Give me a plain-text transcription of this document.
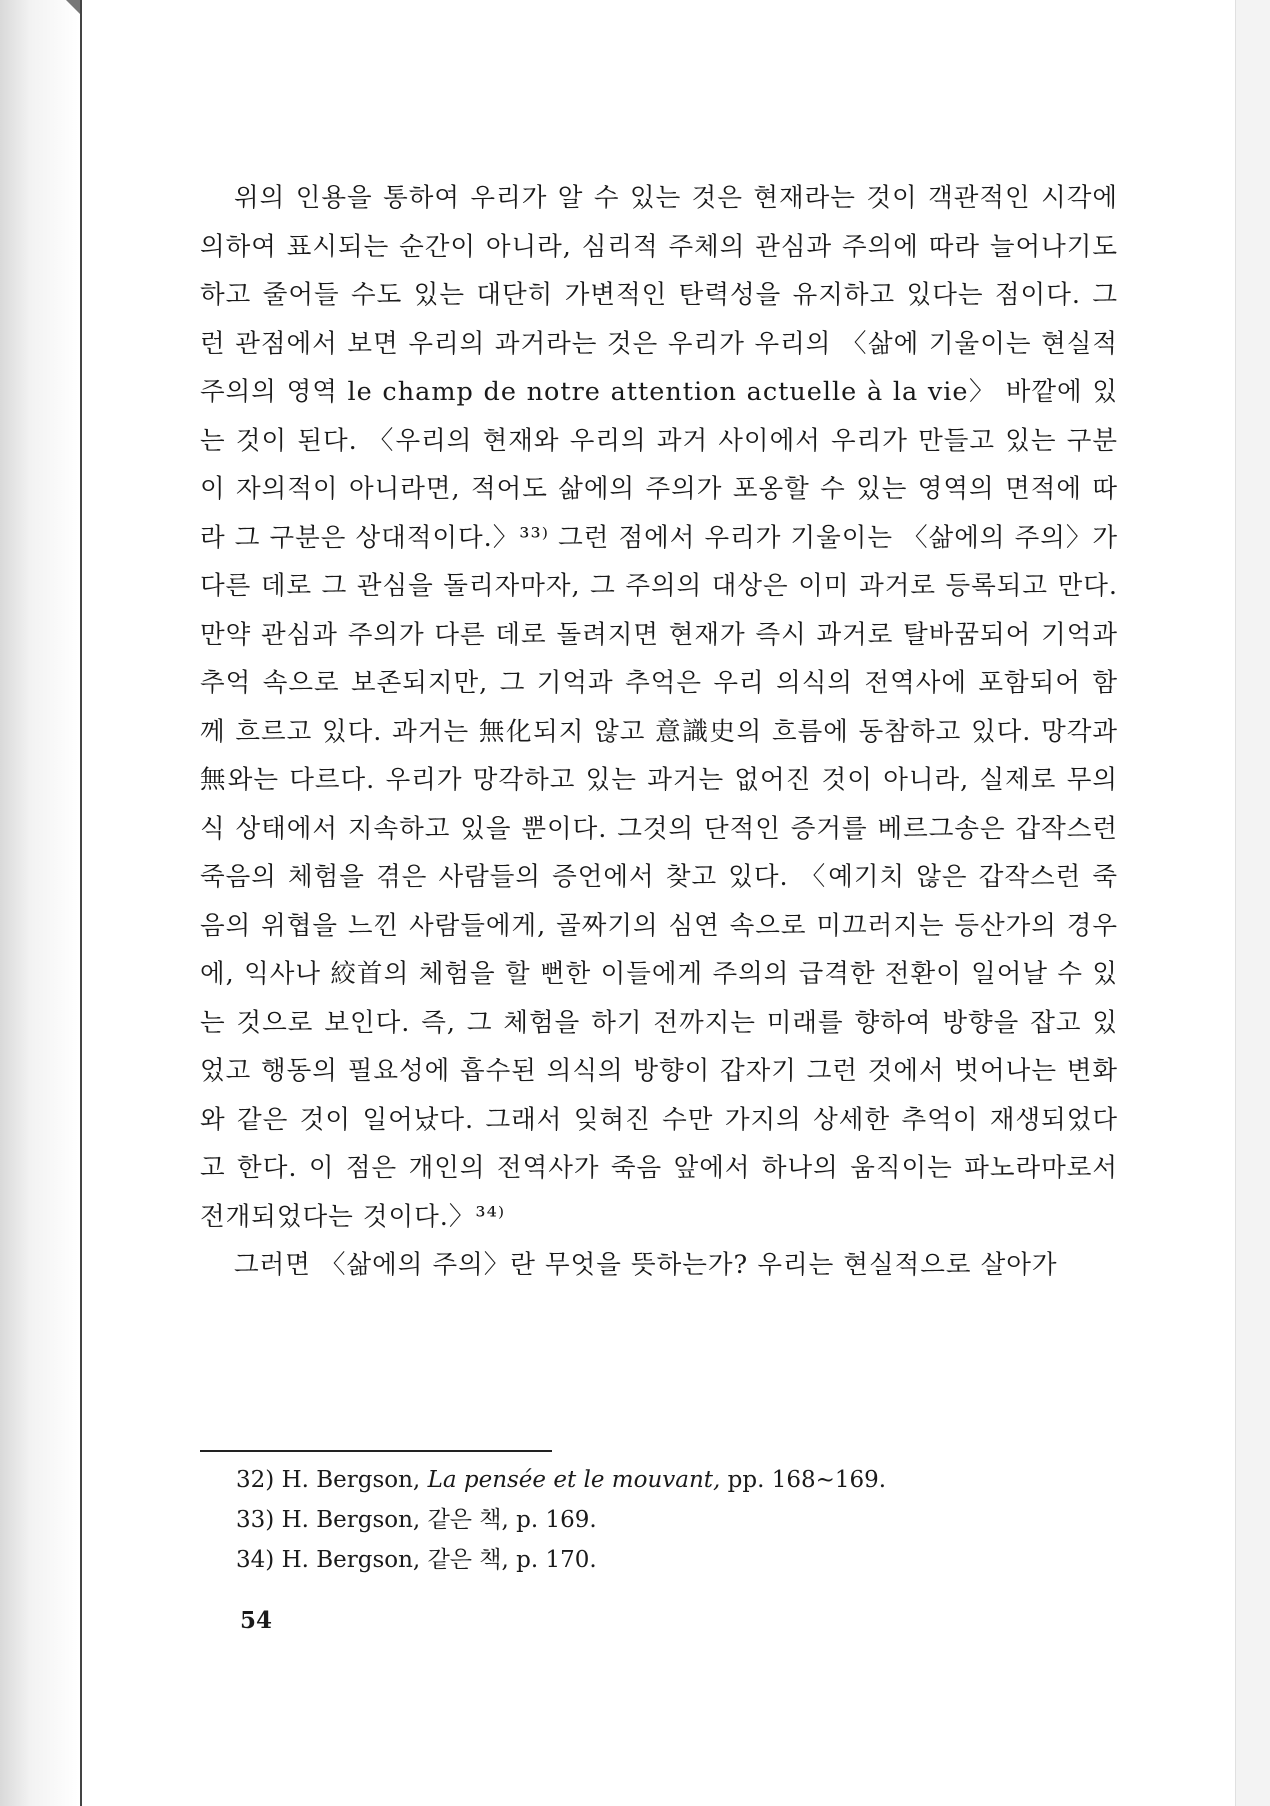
위의 인용을 통하여 우리가 알 수 있는 것은 현재라는 것이 객관적인 시각에 의하여 표시되는 순간이 아니라, 심리적 주체의 관심과 주의에 따라 늘어나기도 하고 줄어들 수도 있는 대단히 가변적인 탄력성을 유지하고 있다는 점이다. 그런 관점에서 보면 우리의 과거라는 것은 우리가 우리의 〈삶에 기울이는 현실적 주의의 영역 le champ de notre attention actuelle à la vie〉 바깥에 있는 것이 된다. 〈우리의 현재와 우리의 과거 사이에서 우리가 만들고 있는 구분이 자의적이 아니라면, 적어도 삶에의 주의가 포옹할 수 있는 영역의 면적에 따라 그 구분은 상대적이다.〉³³⁾ 그런 점에서 우리가 기울이는 〈삶에의 주의〉가 다른 데로 그 관심을 돌리자마자, 그 주의의 대상은 이미 과거로 등록되고 만다. 만약 관심과 주의가 다른 데로 돌려지면 현재가 즉시 과거로 탈바꿈되어 기억과 추억 속으로 보존되지만, 그 기억과 추억은 우리 의식의 전역사에 포함되어 함께 흐르고 있다. 과거는 無化되지 않고 意識史의 흐름에 동참하고 있다. 망각과 無와는 다르다. 우리가 망각하고 있는 과거는 없어진 것이 아니라, 실제로 무의식 상태에서 지속하고 있을 뿐이다. 그것의 단적인 증거를 베르그송은 갑작스런 죽음의 체험을 겪은 사람들의 증언에서 찾고 있다. 〈예기치 않은 갑작스런 죽음의 위협을 느낀 사람들에게, 골짜기의 심연 속으로 미끄러지는 등산가의 경우에, 익사나 絞首의 체험을 할 뻔한 이들에게 주의의 급격한 전환이 일어날 수 있는 것으로 보인다. 즉, 그 체험을 하기 전까지는 미래를 향하여 방향을 잡고 있었고 행동의 필요성에 흡수된 의식의 방향이 갑자기 그런 것에서 벗어나는 변화와 같은 것이 일어났다. 그래서 잊혀진 수만 가지의 상세한 추억이 재생되었다고 한다. 이 점은 개인의 전역사가 죽음 앞에서 하나의 움직이는 파노라마로서 전개되었다는 것이다.〉³⁴⁾

그러면 〈삶에의 주의〉란 무엇을 뜻하는가? 우리는 현실적으로 살아가

32) H. Bergson, La pensée et le mouvant, pp. 168∼169.

33) H. Bergson, 같은 책, p. 169.

34) H. Bergson, 같은 책, p. 170.

54
